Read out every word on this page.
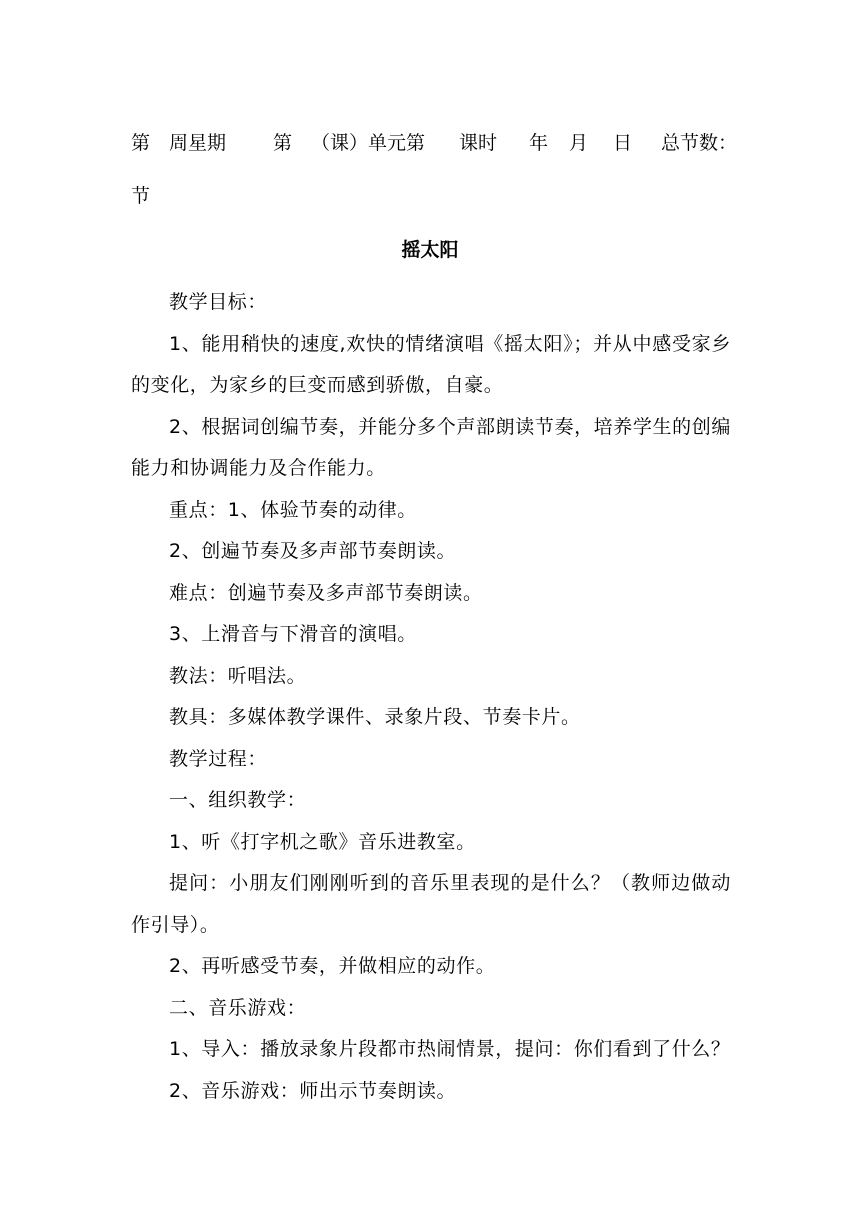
第 周星期 第 （课）单元第 课时 年 月 日 总节数：
节
摇太阳

教学目标：

1、能用稍快的速度,欢快的情绪演唱《摇太阳》；并从中感受家乡的变化，为家乡的巨变而感到骄傲，自豪。

2、根据词创编节奏，并能分多个声部朗读节奏，培养学生的创编能力和协调能力及合作能力。

重点：1、体验节奏的动律。

2、创遍节奏及多声部节奏朗读。

难点：创遍节奏及多声部节奏朗读。

3、上滑音与下滑音的演唱。

教法：听唱法。

教具：多媒体教学课件、录象片段、节奏卡片。

教学过程：

一、组织教学：

1、听《打字机之歌》音乐进教室。

提问：小朋友们刚刚听到的音乐里表现的是什么？（教师边做动作引导）。

2、再听感受节奏，并做相应的动作。

二、音乐游戏：

1、导入：播放录象片段都市热闹情景，提问：你们看到了什么？

2、音乐游戏：师出示节奏朗读。
